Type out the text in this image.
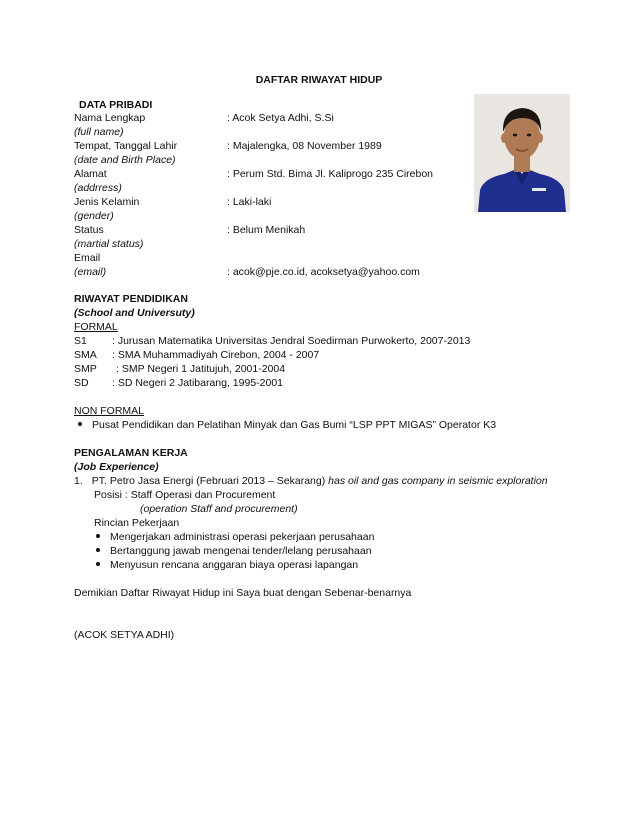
DAFTAR RIWAYAT HIDUP
DATA PRIBADI
Nama Lengkap	: Acok Setya Adhi, S.Si
(full name)
Tempat, Tanggal Lahir	: Majalengka, 08 November 1989
(date and Birth Place)
Alamat	: Perum Std. Bima Jl. Kaliprogo 235 Cirebon
(addrress)
Jenis Kelamin	: Laki-laki
(gender)
Status	: Belum Menikah
(martial status)
Email
(email)	: acok@pje.co.id, acoksetya@yahoo.com
RIWAYAT PENDIDIKAN
(School and Universuty)
FORMAL
S1 : Jurusan Matematika Universitas Jendral Soedirman Purwokerto, 2007-2013
SMA : SMA Muhammadiyah Cirebon, 2004 - 2007
SMP : SMP Negeri 1 Jatitujuh, 2001-2004
SD : SD Negeri 2 Jatibarang, 1995-2001
NON FORMAL
Pusat Pendidikan dan Pelatihan Minyak dan Gas Bumi “LSP PPT MIGAS” Operator K3
PENGALAMAN KERJA
(Job Experience)
1. PT. Petro Jasa Energi (Februari 2013 – Sekarang) has oil and gas company in seismic exploration
Posisi : Staff Operasi dan Procurement
(operation Staff and procurement)
Rincian Pekerjaan
Mengerjakan administrasi operasi pekerjaan perusahaan
Bertanggung jawab mengenai tender/lelang perusahaan
Menyusun rencana anggaran biaya operasi lapangan
Demikian Daftar Riwayat Hidup ini Saya buat dengan Sebenar-benarnya
(ACOK SETYA ADHI)
